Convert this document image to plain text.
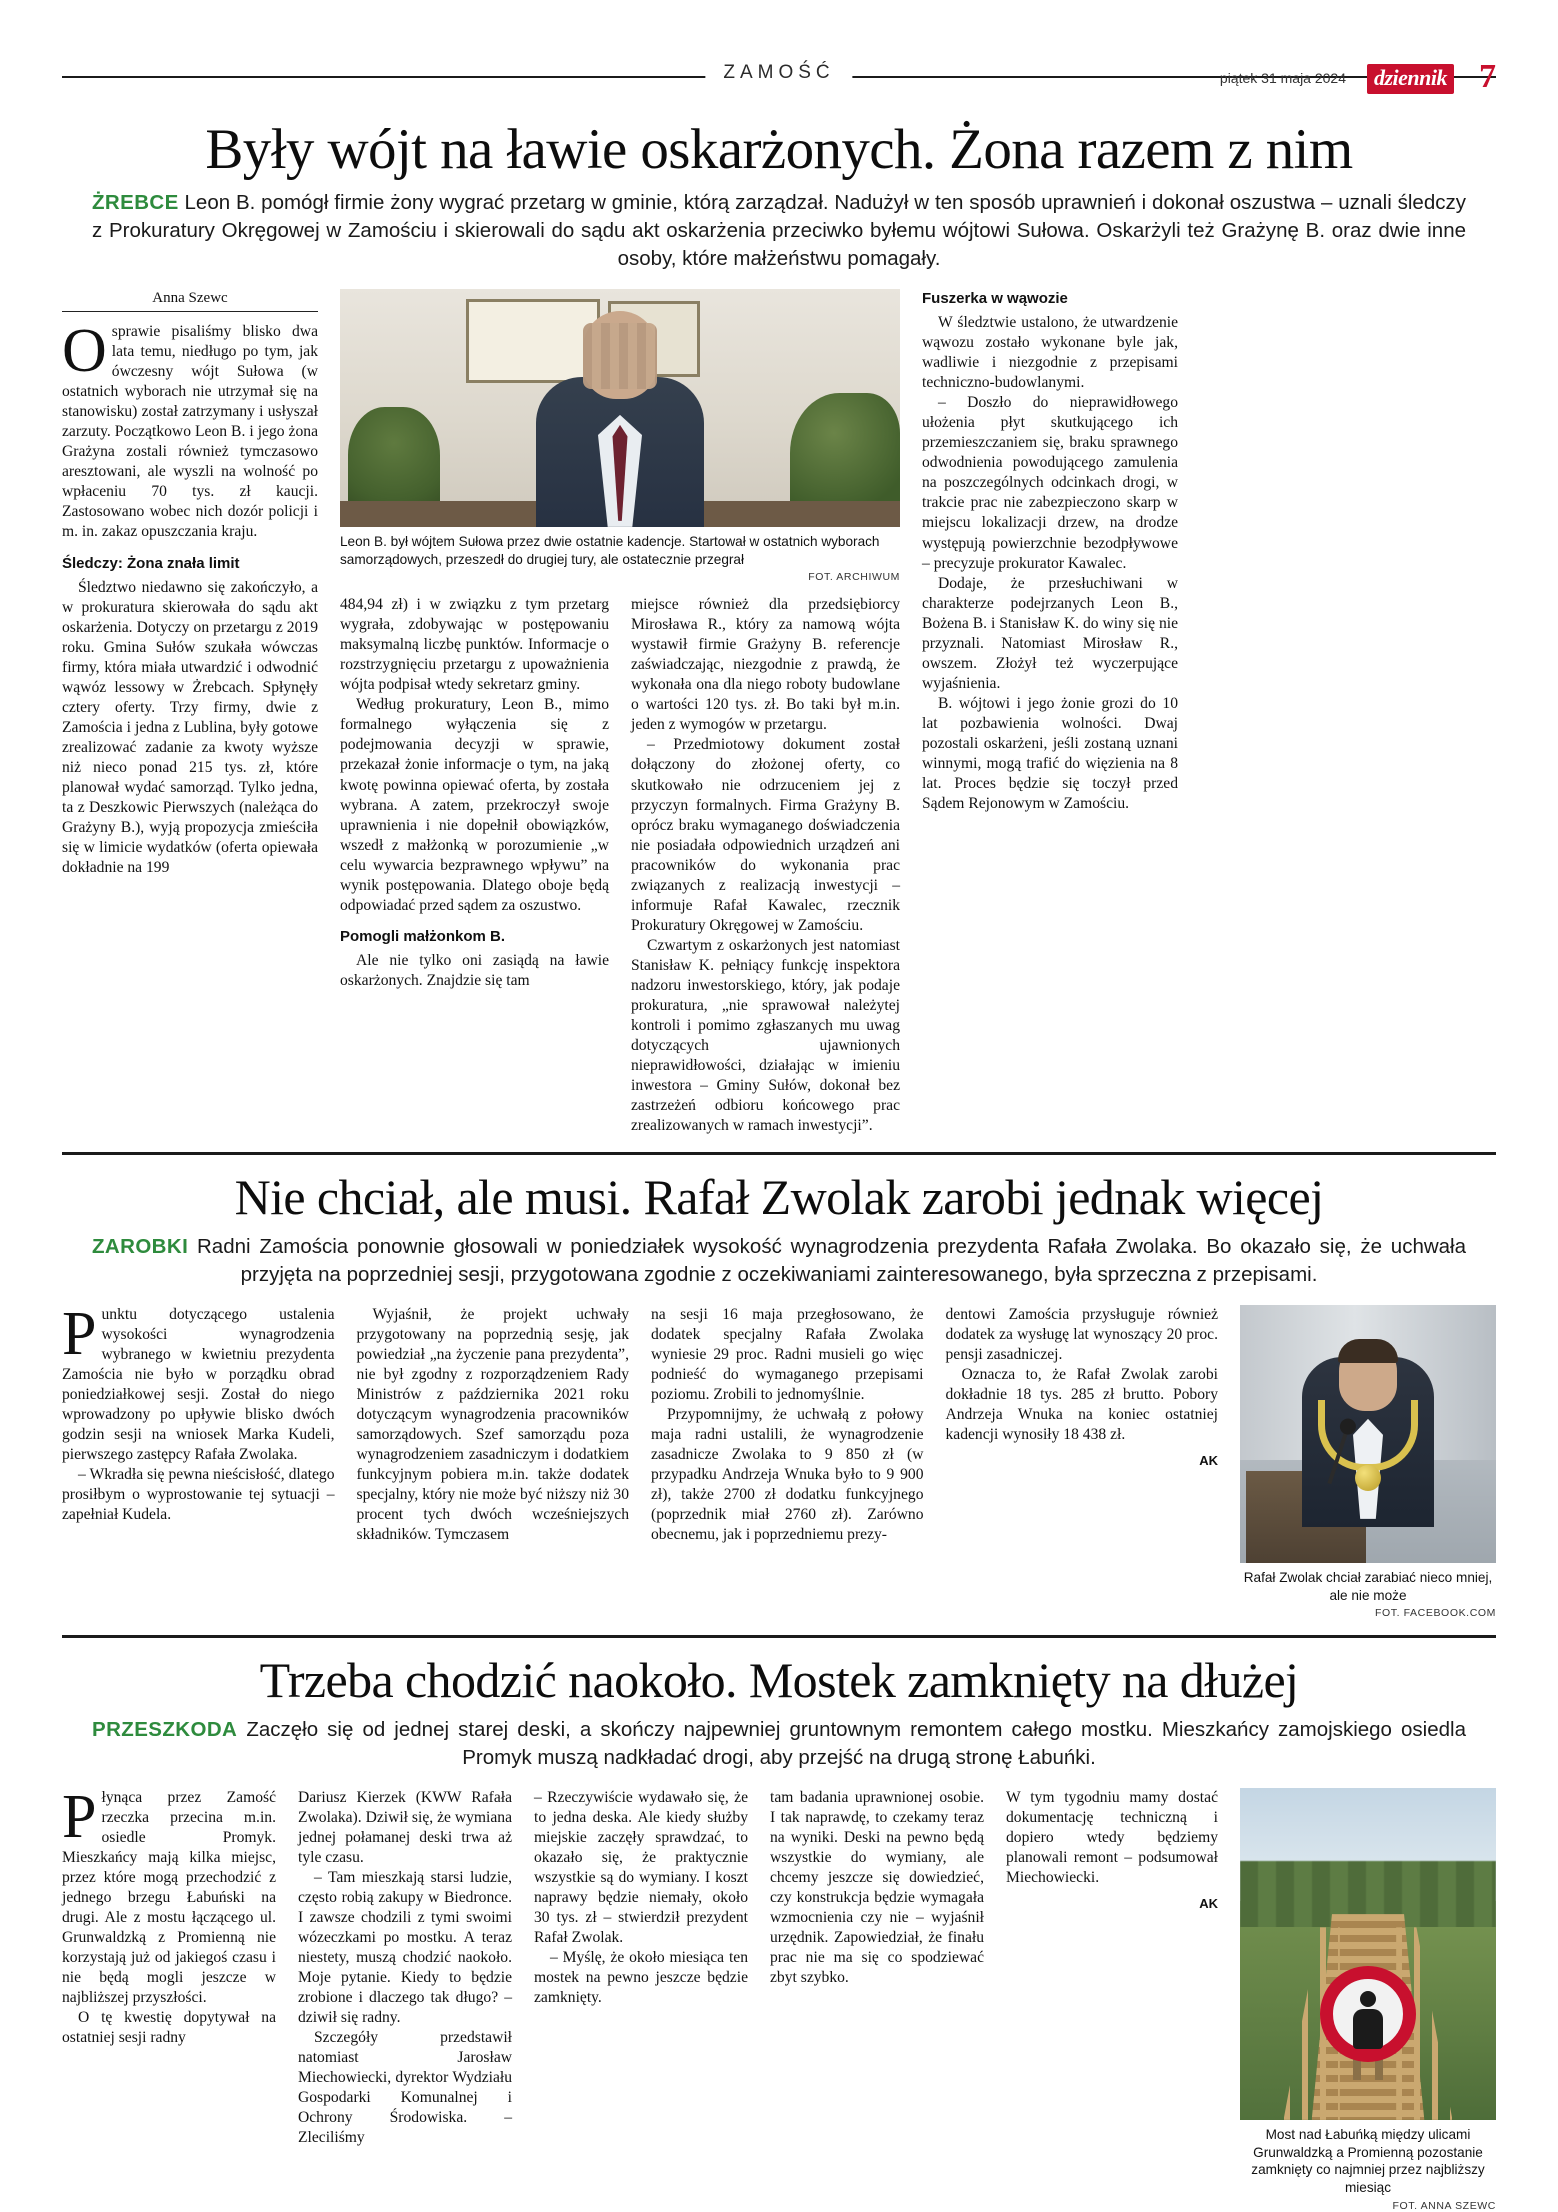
ZAMOŚĆ	piątek 31 maja 2024	dziennik 7
Były wójt na ławie oskarżonych. Żona razem z nim
ŻREBCE Leon B. pomógł firmie żony wygrać przetarg w gminie, którą zarządzał. Nadużył w ten sposób uprawnień i dokonał oszustwa – uznali śledczy z Prokuratury Okręgowej w Zamościu i skierowali do sądu akt oskarżenia przeciwko byłemu wójtowi Sułowa. Oskarżyli też Grażynę B. oraz dwie inne osoby, które małżeństwu pomagały.
Anna Szewc

Osprawie pisaliśmy blisko dwa lata temu, niedługo po tym, jak ówczesny wójt Sułowa (w ostatnich wyborach nie utrzymał się na stanowisku) został zatrzymany i usłyszał zarzuty. Początkowo Leon B. i jego żona Grażyna zostali również tymczasowo aresztowani, ale wyszli na wolność po wpłaceniu 70 tys. zł kaucji. Zastosowano wobec nich dozór policji i m. in. zakaz opuszczania kraju.

Śledczy: Żona znała limit

Śledztwo niedawno się zakończyło, a w prokuratura skierowała do sądu akt oskarżenia. Dotyczy on przetargu z 2019 roku. Gmina Sułów szukała wówczas firmy, która miała utwardzić i odwodnić wąwóz lessowy w Żrebcach. Spłynęły cztery oferty. Trzy firmy, dwie z Zamościa i jedna z Lublina, były gotowe zrealizować zadanie za kwoty wyższe niż nieco ponad 215 tys. zł, które planował wydać samorząd. Tylko jedna, ta z Deszkowic Pierwszych (należąca do Grażyny B.), wyją propozycja zmieściła się w limicie wydatków (oferta opiewała dokładnie na 199

Leon B. był wójtem Sułowa przez dwie ostatnie kadencje. Startował w ostatnich wyborach samorządowych, przeszedł do drugiej tury, ale ostatecznie przegrał
FOT. ARCHIWUM

484,94 zł) i w związku z tym przetarg wygrała, zdobywając w postępowaniu maksymalną liczbę punktów. Informacje o rozstrzygnięciu przetargu z upoważnienia wójta podpisał wtedy sekretarz gminy.

Według prokuratury, Leon B., mimo formalnego wyłączenia się z podejmowania decyzji w sprawie, przekazał żonie informacje o tym, na jaką kwotę powinna opiewać oferta, by została wybrana. A zatem, przekroczył swoje uprawnienia i nie dopełnił obowiązków, wszedł z małżonką w porozumienie „w celu wywarcia bezprawnego wpływu” na wynik postępowania. Dlatego oboje będą odpowiadać przed sądem za oszustwo.

Pomogli małżonkom B.

Ale nie tylko oni zasiądą na ławie oskarżonych. Znajdzie się tam

miejsce również dla przedsiębiorcy Mirosława R., który za namową wójta wystawił firmie Grażyny B. referencje zaświadczając, niezgodnie z prawdą, że wykonała ona dla niego roboty budowlane o wartości 120 tys. zł. Bo taki był m.in. jeden z wymogów w przetargu.

– Przedmiotowy dokument został dołączony do złożonej oferty, co skutkowało nie odrzuceniem jej z przyczyn formalnych. Firma Grażyny B. oprócz braku wymaganego doświadczenia nie posiadała odpowiednich urządzeń ani pracowników do wykonania prac związanych z realizacją inwestycji – informuje Rafał Kawalec, rzecznik Prokuratury Okręgowej w Zamościu.

Czwartym z oskarżonych jest natomiast Stanisław K. pełniący funkcję inspektora nadzoru inwestorskiego, który, jak podaje prokuratura, „nie sprawował należytej kontroli i pomimo zgłaszanych mu uwag dotyczących ujawnionych nieprawidłowości, działając w imieniu inwestora – Gminy Sułów, dokonał bez zastrzeżeń odbioru końcowego prac zrealizowanych w ramach inwestycji”.

Fuszerka w wąwozie

W śledztwie ustalono, że utwardzenie wąwozu zostało wykonane byle jak, wadliwie i niezgodnie z przepisami techniczno-budowlanymi.

– Doszło do nieprawidłowego ułożenia płyt skutkującego ich przemieszczaniem się, braku sprawnego odwodnienia powodującego zamulenia na poszczególnych odcinkach drogi, w trakcie prac nie zabezpieczono skarp w miejscu lokalizacji drzew, na drodze występują powierzchnie bezodpływowe – precyzuje prokurator Kawalec.

Dodaje, że przesłuchiwani w charakterze podejrzanych Leon B., Bożena B. i Stanisław K. do winy się nie przyznali. Natomiast Mirosław R., owszem. Złożył też wyczerpujące wyjaśnienia.

B. wójtowi i jego żonie grozi do 10 lat pozbawienia wolności. Dwaj pozostali oskarżeni, jeśli zostaną uznani winnymi, mogą trafić do więzienia na 8 lat. Proces będzie się toczył przed Sądem Rejonowym w Zamościu.

Nie chciał, ale musi. Rafał Zwolak zarobi jednak więcej
ZAROBKI Radni Zamościa ponownie głosowali w poniedziałek wysokość wynagrodzenia prezydenta Rafała Zwolaka. Bo okazało się, że uchwała przyjęta na poprzedniej sesji, przygotowana zgodnie z oczekiwaniami zainteresowanego, była sprzeczna z przepisami.

Punktu dotyczącego ustalenia wysokości wynagrodzenia wybranego w kwietniu prezydenta Zamościa nie było w porządku obrad poniedziałkowej sesji. Został do niego wprowadzony po upływie blisko dwóch godzin sesji na wniosek Marka Kudeli, pierwszego zastępcy Rafała Zwolaka.

– Wkradła się pewna nieścisłość, dlatego prosiłbym o wyprostowanie tej sytuacji – zapełniał Kudela.

Wyjaśnił, że projekt uchwały przygotowany na poprzednią sesję, jak powiedział „na życzenie pana prezydenta”, nie był zgodny z rozporządzeniem Rady Ministrów z października 2021 roku dotyczącym wynagrodzenia pracowników samorządowych. Szef samorządu poza wynagrodzeniem zasadniczym i dodatkiem funkcyjnym pobiera m.in. także dodatek specjalny, który nie może być niższy niż 30 procent tych dwóch wcześniejszych składników. Tymczasem

na sesji 16 maja przegłosowano, że dodatek specjalny Rafała Zwolaka wyniesie 29 proc. Radni musieli go więc podnieść do wymaganego przepisami poziomu. Zrobili to jednomyślnie.

Przypomnijmy, że uchwałą z połowy maja radni ustalili, że wynagrodzenie zasadnicze Zwolaka to 9 850 zł (w przypadku Andrzeja Wnuka było to 9 900 zł), także 2700 zł dodatku funkcyjnego (poprzednik miał 2760 zł). Zarówno obecnemu, jak i poprzedniemu prezy-

dentowi Zamościa przysługuje również dodatek za wysługę lat wynoszący 20 proc. pensji zasadniczej.

Oznacza to, że Rafał Zwolak zarobi dokładnie 18 tys. 285 zł brutto. Pobory Andrzeja Wnuka na koniec ostatniej kadencji wynosiły 18 438 zł.

AK
Rafał Zwolak chciał zarabiać nieco mniej, ale nie może
FOT. FACEBOOK.COM
Trzeba chodzić naokoło. Mostek zamknięty na dłużej
PRZESZKODA Zaczęło się od jednej starej deski, a skończy najpewniej gruntownym remontem całego mostku. Mieszkańcy zamojskiego osiedla Promyk muszą nadkładać drogi, aby przejść na drugą stronę Łabuńki.

Płynąca przez Zamość rzeczka przecina m.in. osiedle Promyk. Mieszkańcy mają kilka miejsc, przez które mogą przechodzić z jednego brzegu Łabuński na drugi. Ale z mostu łączącego ul. Grunwaldzką z Promienną nie korzystają już od jakiegoś czasu i nie będą mogli jeszcze w najbliższej przyszłości.

O tę kwestię dopytywał na ostatniej sesji radny

Dariusz Kierzek (KWW Rafała Zwolaka). Dziwił się, że wymiana jednej połamanej deski trwa aż tyle czasu.

– Tam mieszkają starsi ludzie, często robią zakupy w Biedronce. I zawsze chodzili z tymi swoimi wózeczkami po mostku. A teraz niestety, muszą chodzić naokoło. Moje pytanie. Kiedy to będzie zrobione i dlaczego tak długo? – dziwił się radny.

Szczegóły przedstawił natomiast Jarosław Miechowiecki, dyrektor Wydziału Gospodarki Komunalnej i Ochrony Środowiska. – Zleciliśmy

– Rzeczywiście wydawało się, że to jedna deska. Ale kiedy służby miejskie zaczęły sprawdzać, to okazało się, że praktycznie wszystkie są do wymiany. I koszt naprawy będzie niemały, około 30 tys. zł – stwierdził prezydent Rafał Zwolak.

– Myślę, że około miesiąca ten mostek na pewno jeszcze będzie zamknięty.

tam badania uprawnionej osobie. I tak naprawdę, to czekamy teraz na wyniki. Deski na pewno będą wszystkie do wymiany, ale chcemy jeszcze się dowiedzieć, czy konstrukcja będzie wymagała wzmocnienia czy nie – wyjaśnił urzędnik. Zapowiedział, że finału prac nie ma się co spodziewać zbyt szybko.

W tym tygodniu mamy dostać dokumentację techniczną i dopiero wtedy będziemy planowali remont – podsumował Miechowiecki.

AK
Most nad Łabuńką między ulicami Grunwaldzką a Promienną pozostanie zamknięty co najmniej przez najbliższy miesiąc
FOT. ANNA SZEWC
